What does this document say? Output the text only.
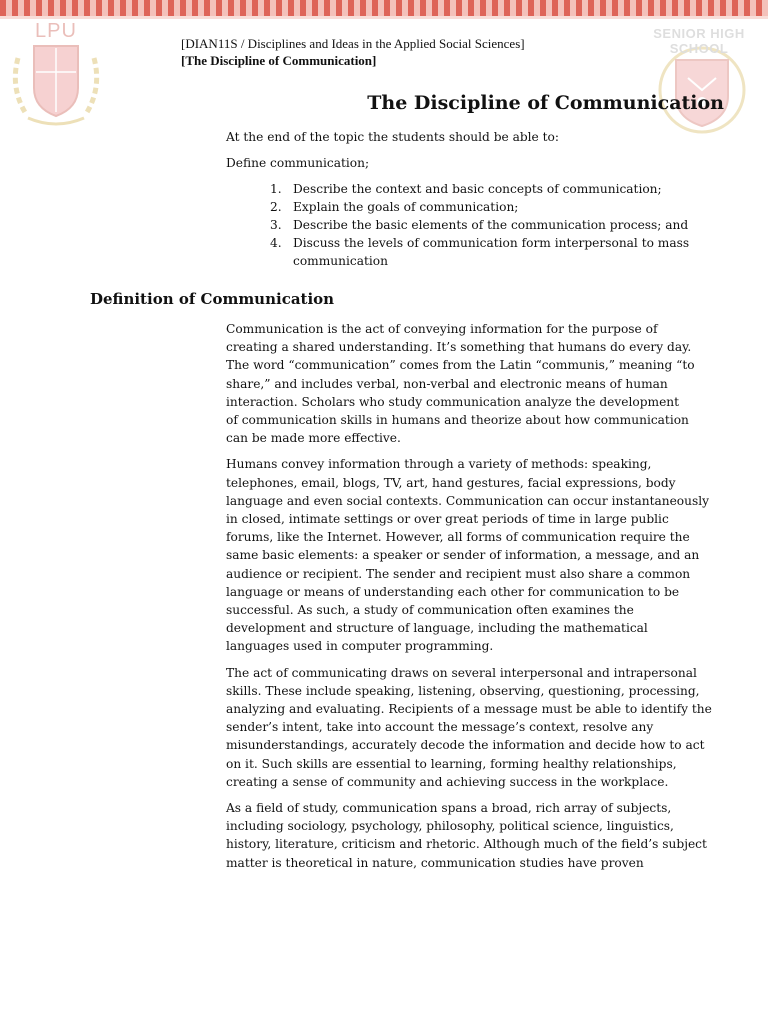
LPU	SENIOR HIGH SCHOOL
[DIAN11S / Disciplines and Ideas in the Applied Social Sciences]
[The Discipline of Communication]
The Discipline of Communication

At the end of the topic the students should be able to:

Define communication;

1. Describe the context and basic concepts of communication;
2. Explain the goals of communication;
3. Describe the basic elements of the communication process; and
4. Discuss the levels of communication form interpersonal to mass communication
Definition of Communication

Communication is the act of conveying information for the purpose of
creating a shared understanding. It’s something that humans do every day.
The word “communication” comes from the Latin “communis,” meaning “to
share,” and includes verbal, non-verbal and electronic means of human
interaction. Scholars who study communication analyze the development
of communication skills in humans and theorize about how communication
can be made more effective.

Humans convey information through a variety of methods: speaking,
telephones, email, blogs, TV, art, hand gestures, facial expressions, body
language and even social contexts. Communication can occur instantaneously
in closed, intimate settings or over great periods of time in large public
forums, like the Internet. However, all forms of communication require the
same basic elements: a speaker or sender of information, a message, and an
audience or recipient. The sender and recipient must also share a common
language or means of understanding each other for communication to be
successful. As such, a study of communication often examines the
development and structure of language, including the mathematical
languages used in computer programming.

The act of communicating draws on several interpersonal and intrapersonal
skills. These include speaking, listening, observing, questioning, processing,
analyzing and evaluating. Recipients of a message must be able to identify the
sender’s intent, take into account the message’s context, resolve any
misunderstandings, accurately decode the information and decide how to act
on it. Such skills are essential to learning, forming healthy relationships,
creating a sense of community and achieving success in the workplace.

As a field of study, communication spans a broad, rich array of subjects,
including sociology, psychology, philosophy, political science, linguistics,
history, literature, criticism and rhetoric. Although much of the field’s subject
matter is theoretical in nature, communication studies have proven
